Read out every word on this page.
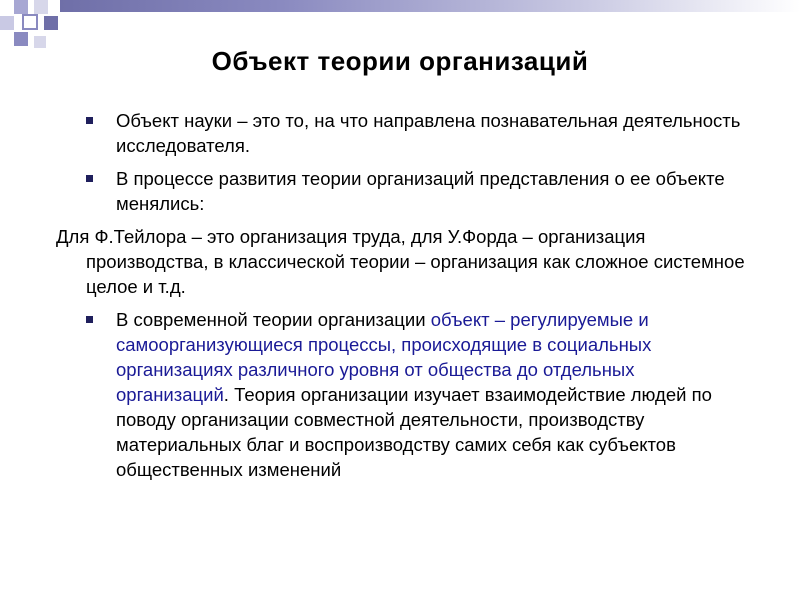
Объект теории организаций
Объект науки – это то, на что направлена познавательная деятельность исследователя.
В процессе развития теории организаций представления о ее объекте менялись:
Для Ф.Тейлора – это организация труда, для У.Форда – организация производства, в классической теории – организация как сложное системное целое и т.д.
В современной теории организации объект – регулируемые и самоорганизующиеся процессы, происходящие в социальных организациях различного уровня от общества до отдельных организаций. Теория организации изучает взаимодействие людей по поводу организации совместной деятельности, производству материальных благ и воспроизводству самих себя как субъектов общественных изменений
